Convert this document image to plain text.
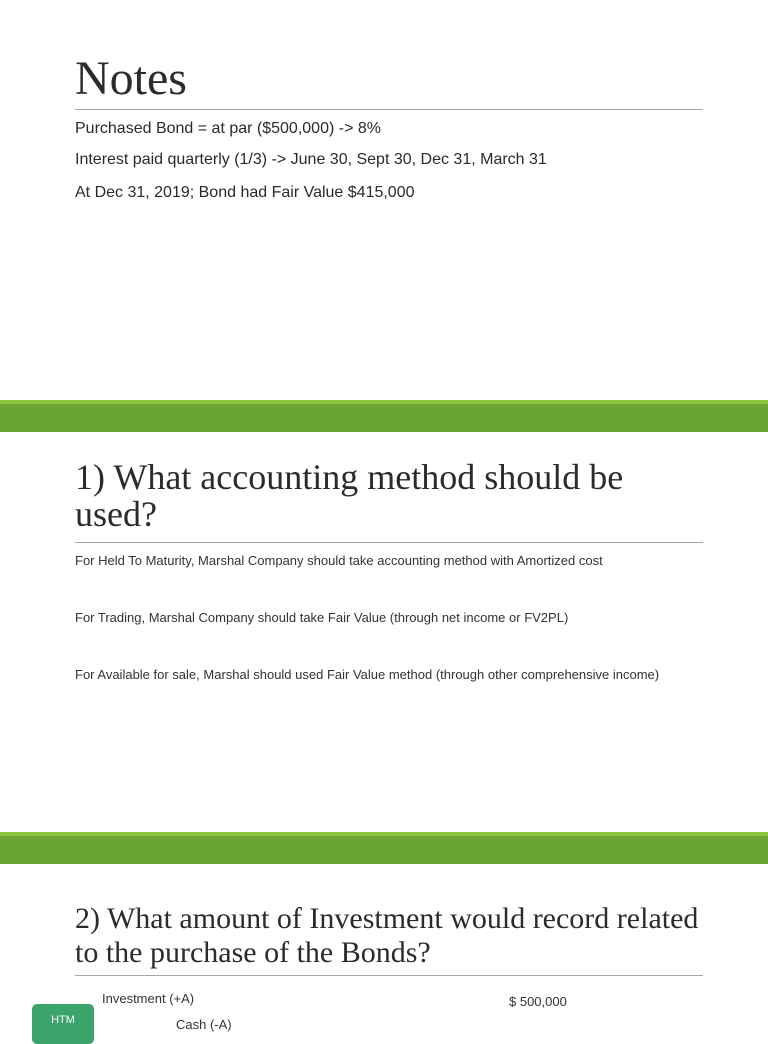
Notes
Purchased Bond = at par ($500,000) -> 8%
Interest paid quarterly (1/3) -> June 30, Sept 30, Dec 31, March 31
At Dec 31, 2019; Bond had Fair Value $415,000
1) What accounting method should be used?
For Held To Maturity, Marshal Company should take accounting method with Amortized cost
For Trading, Marshal Company should take Fair Value (through net income or FV2PL)
For Available for sale, Marshal should used Fair Value method (through other comprehensive income)
2) What amount of Investment would record related to the purchase of the Bonds?
HTM
Investment (+A)	$ 500,000
Cash (-A)
